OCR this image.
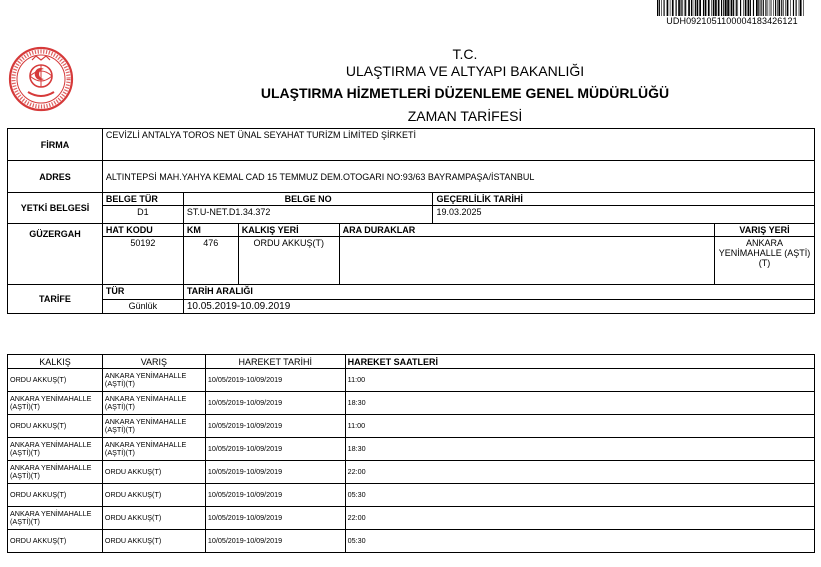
UDH0921051100004183426121
T.C.
ULAŞTIRMA VE ALTYAPI BAKANLIĞI
ULAŞTIRMA HİZMETLERİ DÜZENLEME GENEL MÜDÜRLÜĞÜ
ZAMAN TARİFESİ
FİRMA	CEVİZLİ ANTALYA TOROS NET ÜNAL SEYAHAT TURİZM LİMİTED ŞİRKETİ					
ADRES	ALTINTEPSİ MAH.YAHYA KEMAL CAD 15 TEMMUZ DEM.OTOGARI NO:93/63 BAYRAMPAŞA/İSTANBUL					
YETKİ BELGESİ	BELGE TÜR	BELGE NO			GEÇERLİLİK TARİHİ	
	D1	ST.U-NET.D1.34.372			19.03.2025	
GÜZERGAH	HAT KODU	KM	KALKIŞ YERİ	ARA DURAKLAR		VARIŞ YERİ
	50192	476	ORDU AKKUŞ(T)			ANKARA YENİMAHALLE (AŞTİ)(T)
TARİFE	TÜR	TARİH ARALIĞI				
	Günlük	10.05.2019-10.09.2019				
KALKIŞ	VARIŞ	HAREKET TARİHİ	HAREKET SAATLERİ
ORDU AKKUŞ(T)	ANKARA YENİMAHALLE (AŞTİ)(T)	10/05/2019-10/09/2019	11:00
ANKARA YENİMAHALLE (AŞTİ)(T)	ANKARA YENİMAHALLE (AŞTİ)(T)	10/05/2019-10/09/2019	18:30
ORDU AKKUŞ(T)	ANKARA YENİMAHALLE (AŞTİ)(T)	10/05/2019-10/09/2019	11:00
ANKARA YENİMAHALLE (AŞTİ)(T)	ANKARA YENİMAHALLE (AŞTİ)(T)	10/05/2019-10/09/2019	18:30
ANKARA YENİMAHALLE (AŞTİ)(T)	ORDU AKKUŞ(T)	10/05/2019-10/09/2019	22:00
ORDU AKKUŞ(T)	ORDU AKKUŞ(T)	10/05/2019-10/09/2019	05:30
ANKARA YENİMAHALLE (AŞTİ)(T)	ORDU AKKUŞ(T)	10/05/2019-10/09/2019	22:00
ORDU AKKUŞ(T)	ORDU AKKUŞ(T)	10/05/2019-10/09/2019	05:30
